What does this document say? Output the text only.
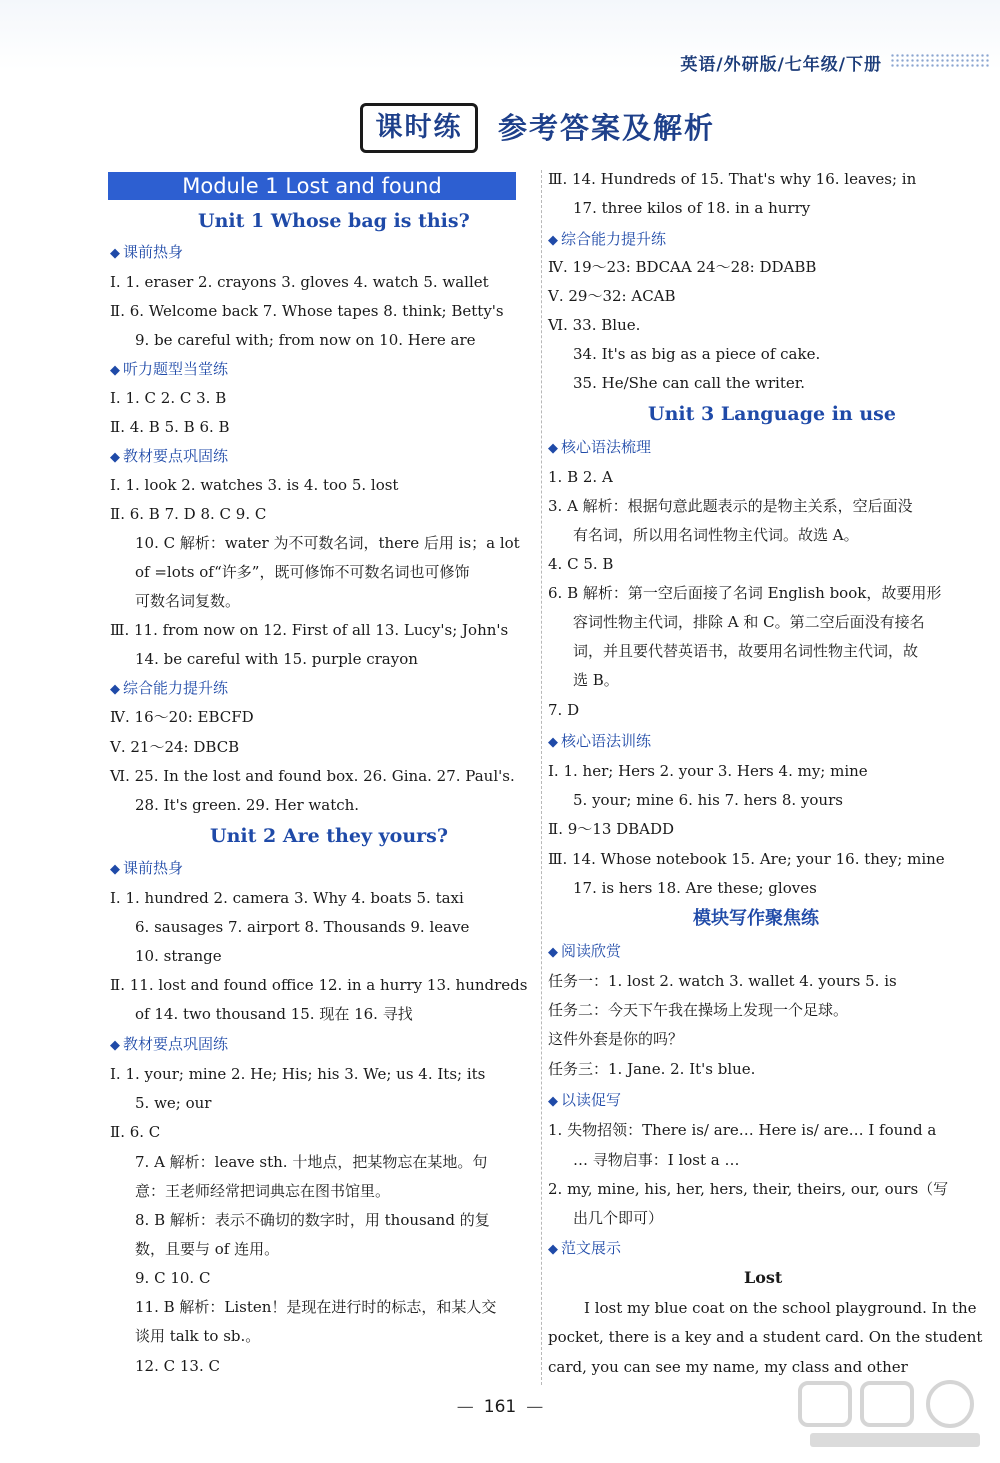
英语/外研版/七年级/下册
课时练	参考答案及解析
Module 1 Lost and found
Unit 1 Whose bag is this?
◆ 课前热身
Ⅰ. 1. eraser 2. crayons 3. gloves 4. watch 5. wallet
Ⅱ. 6. Welcome back 7. Whose tapes 8. think; Betty's
9. be careful with; from now on 10. Here are
◆ 听力题型当堂练
Ⅰ. 1. C 2. C 3. B
Ⅱ. 4. B 5. B 6. B
◆ 教材要点巩固练
Ⅰ. 1. look 2. watches 3. is 4. too 5. lost
Ⅱ. 6. B 7. D 8. C 9. C
10. C 解析：water 为不可数名词，there 后用 is；a lot
of =lots of“许多”，既可修饰不可数名词也可修饰
可数名词复数。
Ⅲ. 11. from now on 12. First of all 13. Lucy's; John's
14. be careful with 15. purple crayon
◆ 综合能力提升练
Ⅳ. 16～20: EBCFD
Ⅴ. 21～24: DBCB
Ⅵ. 25. In the lost and found box. 26. Gina. 27. Paul's.
28. It's green. 29. Her watch.
Unit 2 Are they yours?
◆ 课前热身
Ⅰ. 1. hundred 2. camera 3. Why 4. boats 5. taxi
6. sausages 7. airport 8. Thousands 9. leave
10. strange
Ⅱ. 11. lost and found office 12. in a hurry 13. hundreds
of 14. two thousand 15. 现在 16. 寻找
◆ 教材要点巩固练
Ⅰ. 1. your; mine 2. He; His; his 3. We; us 4. Its; its
5. we; our
Ⅱ. 6. C
7. A 解析：leave sth. 十地点，把某物忘在某地。句
意：王老师经常把词典忘在图书馆里。
8. B 解析：表示不确切的数字时，用 thousand 的复
数，且要与 of 连用。
9. C 10. C
11. B 解析：Listen！是现在进行时的标志，和某人交
谈用 talk to sb.。
12. C 13. C
Ⅲ. 14. Hundreds of 15. That's why 16. leaves; in
17. three kilos of 18. in a hurry
◆ 综合能力提升练
Ⅳ. 19～23: BDCAA 24～28: DDABB
Ⅴ. 29～32: ACAB
Ⅵ. 33. Blue.
34. It's as big as a piece of cake.
35. He/She can call the writer.
Unit 3 Language in use
◆ 核心语法梳理
1. B 2. A
3. A 解析：根据句意此题表示的是物主关系，空后面没
有名词，所以用名词性物主代词。故选 A。
4. C 5. B
6. B 解析：第一空后面接了名词 English book，故要用形
容词性物主代词，排除 A 和 C。第二空后面没有接名
词，并且要代替英语书，故要用名词性物主代词，故
选 B。
7. D
◆ 核心语法训练
Ⅰ. 1. her; Hers 2. your 3. Hers 4. my; mine
5. your; mine 6. his 7. hers 8. yours
Ⅱ. 9～13 DBADD
Ⅲ. 14. Whose notebook 15. Are; your 16. they; mine
17. is hers 18. Are these; gloves
模块写作聚焦练
◆ 阅读欣赏
任务一：1. lost 2. watch 3. wallet 4. yours 5. is
任务二：今天下午我在操场上发现一个足球。
这件外套是你的吗？
任务三：1. Jane. 2. It's blue.
◆ 以读促写
1. 失物招领：There is/ are… Here is/ are… I found a
… 寻物启事：I lost a …
2. my, mine, his, her, hers, their, theirs, our, ours（写
出几个即可）
◆ 范文展示
Lost
I lost my blue coat on the school playground. In the
pocket, there is a key and a student card. On the student
card, you can see my name, my class and other
— 161 —
